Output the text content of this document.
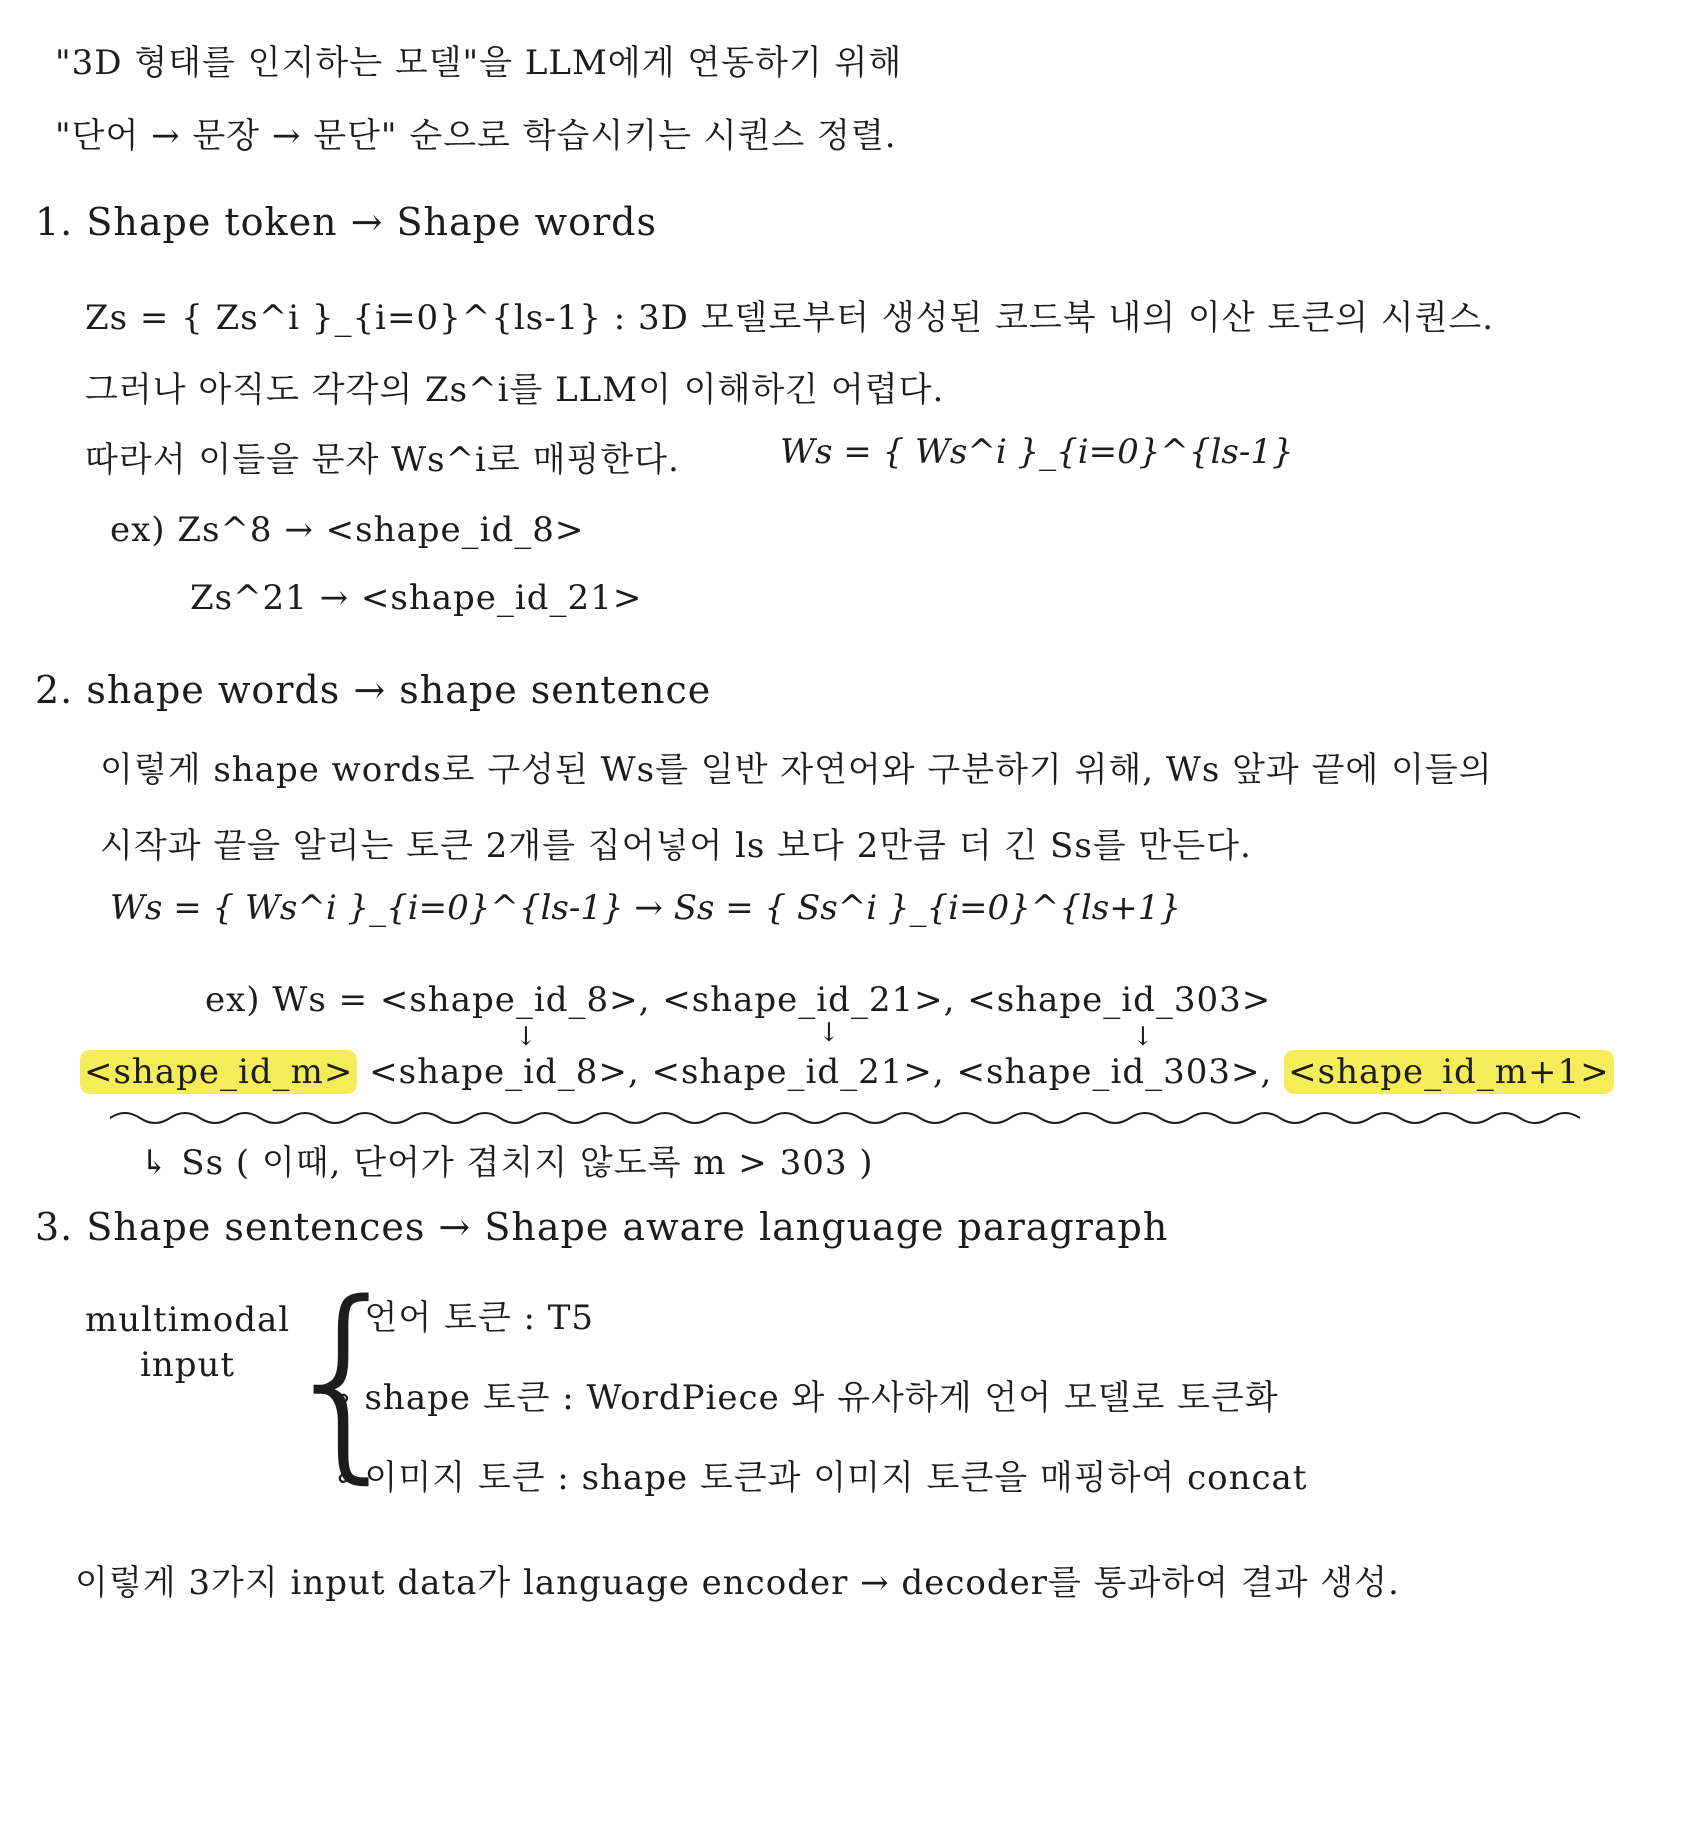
"3D 형태를 인지하는 모델"을 LLM에게 연동하기 위해
"단어 → 문장 → 문단" 순으로 학습시키는 시퀀스 정렬.
1. Shape token → Shape words
Zs = { Zs^i }_{i=0}^{ls-1} : 3D 모델로부터 생성된 코드북 내의 이산 토큰의 시퀀스.
그러나 아직도 각각의 Zs^i를 LLM이 이해하긴 어렵다.
따라서 이들을 문자 Ws^i로 매핑한다.	Ws = { Ws^i }_{i=0}^{ls-1}
ex) Zs^8 → <shape_id_8>
Zs^21 → <shape_id_21>
2. shape words → shape sentence
이렇게 shape words로 구성된 Ws를 일반 자연어와 구분하기 위해, Ws 앞과 끝에 이들의
시작과 끝을 알리는 토큰 2개를 집어넣어 ls 보다 2만큼 더 긴 Ss를 만든다.
Ws = { Ws^i }_{i=0}^{ls-1} → Ss = { Ss^i }_{i=0}^{ls+1}
ex) Ws = <shape_id_8>, <shape_id_21>, <shape_id_303>
↓	↓	↓
<shape_id_m> <shape_id_8>, <shape_id_21>, <shape_id_303>, <shape_id_m+1>
↳ Ss ( 이때, 단어가 겹치지 않도록 m > 303 )
3. Shape sentences → Shape aware language paragraph
multimodal
input {
∘ 언어 토큰 : T5
∘ shape 토큰 : WordPiece 와 유사하게 언어 모델로 토큰화
∘ 이미지 토큰 : shape 토큰과 이미지 토큰을 매핑하여 concat
이렇게 3가지 input data가 language encoder → decoder를 통과하여 결과 생성.
